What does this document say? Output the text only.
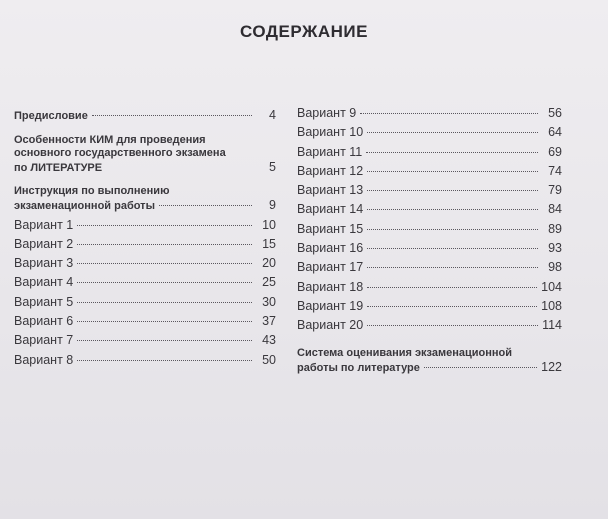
СОДЕРЖАНИЕ
Предисловие	4
Особенности КИМ для проведения
основного государственного экзамена
по ЛИТЕРАТУРЕ	5
Инструкция по выполнению
экзаменационной работы	9
Вариант 1	10
Вариант 2	15
Вариант 3	20
Вариант 4	25
Вариант 5	30
Вариант 6	37
Вариант 7	43
Вариант 8	50
Вариант 9	56
Вариант 10	64
Вариант 11	69
Вариант 12	74
Вариант 13	79
Вариант 14	84
Вариант 15	89
Вариант 16	93
Вариант 17	98
Вариант 18	104
Вариант 19	108
Вариант 20	114
Система оценивания экзаменационной
работы по литературе	122
